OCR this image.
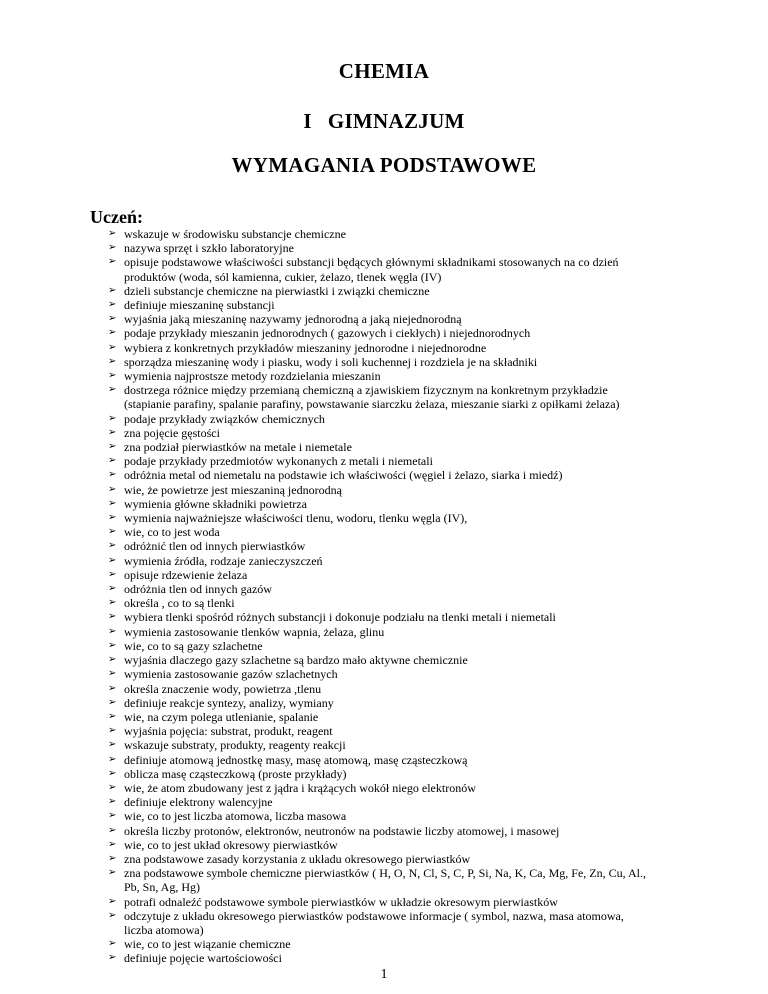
CHEMIA
I GIMNAZJUM
WYMAGANIA PODSTAWOWE
Uczeń:
➢ wskazuje w środowisku substancje chemiczne
➢ nazywa sprzęt i szkło laboratoryjne
➢ opisuje podstawowe właściwości substancji będących głównymi składnikami stosowanych na co dzień
produktów (woda, sól kamienna, cukier, żelazo, tlenek węgla (IV)
➢ dzieli substancje chemiczne na pierwiastki i związki chemiczne
➢ definiuje mieszaninę substancji
➢ wyjaśnia jaką mieszaninę nazywamy jednorodną a jaką niejednorodną
➢ podaje przykłady mieszanin jednorodnych ( gazowych i ciekłych) i niejednorodnych
➢ wybiera z konkretnych przykładów mieszaniny jednorodne i niejednorodne
➢ sporządza mieszaninę wody i piasku, wody i soli kuchennej i rozdziela je na składniki
➢ wymienia najprostsze metody rozdzielania mieszanin
➢ dostrzega różnice między przemianą chemiczną a zjawiskiem fizycznym na konkretnym przykładzie
(stapianie parafiny, spalanie parafiny, powstawanie siarczku żelaza, mieszanie siarki z opiłkami żelaza)
➢ podaje przykłady związków chemicznych
➢ zna pojęcie gęstości
➢ zna podział pierwiastków na metale i niemetale
➢ podaje przykłady przedmiotów wykonanych z metali i niemetali
➢ odróżnia metal od niemetalu na podstawie ich właściwości (węgiel i żelazo, siarka i miedź)
➢ wie, że powietrze jest mieszaniną jednorodną
➢ wymienia główne składniki powietrza
➢ wymienia najważniejsze właściwości tlenu, wodoru, tlenku węgla (IV),
➢ wie, co to jest woda
➢ odróżnić tlen od innych pierwiastków
➢ wymienia źródła, rodzaje zanieczyszczeń
➢ opisuje rdzewienie żelaza
➢ odróżnia tlen od innych gazów
➢ określa , co to są tlenki
➢ wybiera tlenki spośród różnych substancji i dokonuje podziału na tlenki metali i niemetali
➢ wymienia zastosowanie tlenków wapnia, żelaza, glinu
➢ wie, co to są gazy szlachetne
➢ wyjaśnia dlaczego gazy szlachetne są bardzo mało aktywne chemicznie
➢ wymienia zastosowanie gazów szlachetnych
➢ określa znaczenie wody, powietrza ,tlenu
➢ definiuje reakcje syntezy, analizy, wymiany
➢ wie, na czym polega utlenianie, spalanie
➢ wyjaśnia pojęcia: substrat, produkt, reagent
➢ wskazuje substraty, produkty, reagenty reakcji
➢ definiuje atomową jednostkę masy, masę atomową, masę cząsteczkową
➢ oblicza masę cząsteczkową (proste przykłady)
➢ wie, że atom zbudowany jest z jądra i krążących wokół niego elektronów
➢ definiuje elektrony walencyjne
➢ wie, co to jest liczba atomowa, liczba masowa
➢ określa liczby protonów, elektronów, neutronów na podstawie liczby atomowej, i masowej
➢ wie, co to jest układ okresowy pierwiastków
➢ zna podstawowe zasady korzystania z układu okresowego pierwiastków
➢ zna podstawowe symbole chemiczne pierwiastków ( H, O, N, Cl, S, C, P, Si, Na, K, Ca, Mg, Fe, Zn, Cu, Al.,
Pb, Sn, Ag, Hg)
➢ potrafi odnaleźć podstawowe symbole pierwiastków w układzie okresowym pierwiastków
➢ odczytuje z układu okresowego pierwiastków podstawowe informacje ( symbol, nazwa, masa atomowa,
liczba atomowa)
➢ wie, co to jest wiązanie chemiczne
➢ definiuje pojęcie wartościowości
1
